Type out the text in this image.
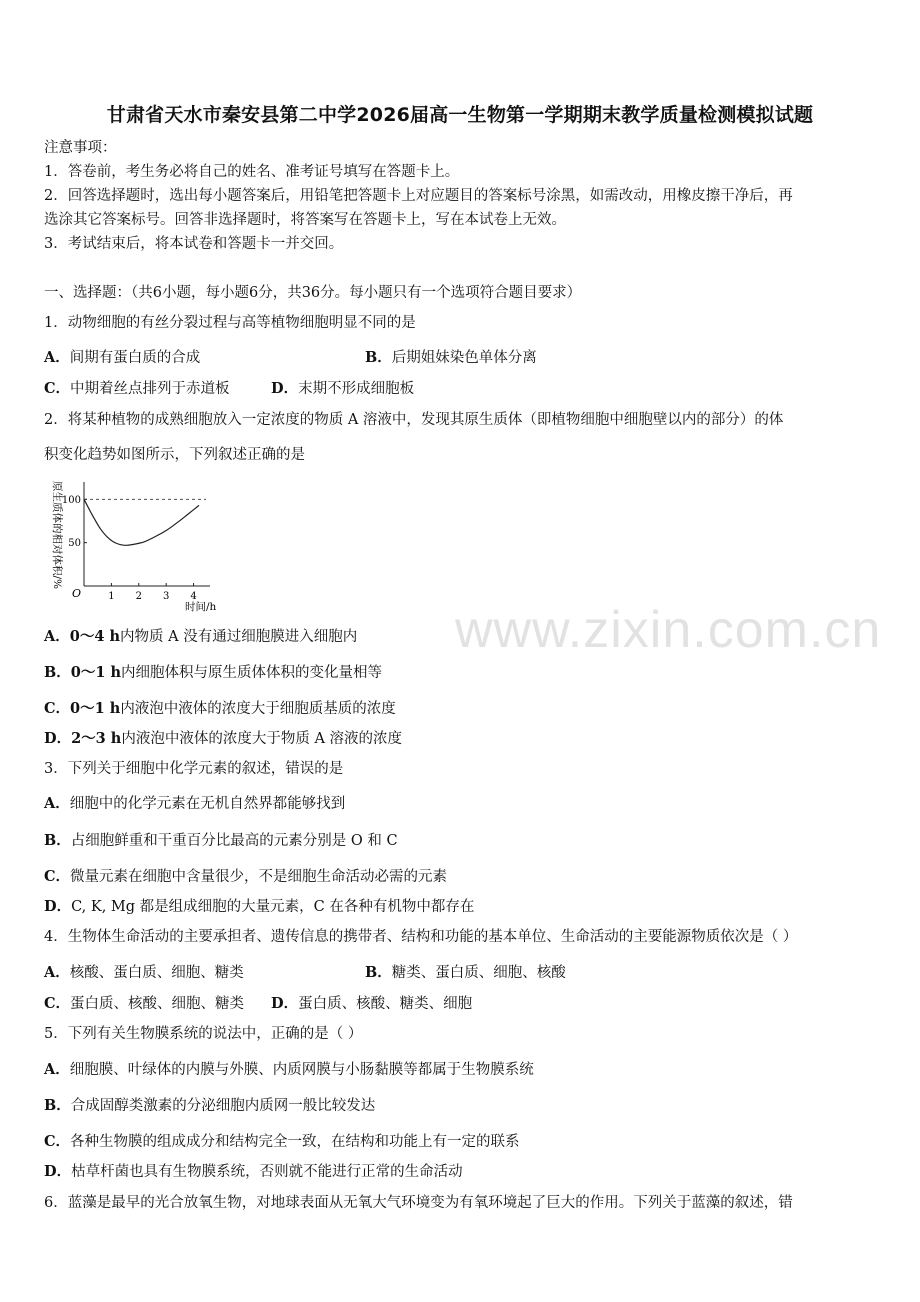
甘肃省天水市秦安县第二中学2026届高一生物第一学期期末教学质量检测模拟试题
注意事项：
1．答卷前，考生务必将自己的姓名、准考证号填写在答题卡上。
2．回答选择题时，选出每小题答案后，用铅笔把答题卡上对应题目的答案标号涂黑，如需改动，用橡皮擦干净后，再
选涂其它答案标号。回答非选择题时，将答案写在答题卡上，写在本试卷上无效。
3．考试结束后，将本试卷和答题卡一并交回。
一、选择题：（共6小题，每小题6分，共36分。每小题只有一个选项符合题目要求）
1．动物细胞的有丝分裂过程与高等植物细胞明显不同的是
A．间期有蛋白质的合成	B．后期姐妹染色单体分离
C．中期着丝点排列于赤道板	D．末期不形成细胞板
2．将某种植物的成熟细胞放入一定浓度的物质 A 溶液中，发现其原生质体（即植物细胞中细胞壁以内的部分）的体
积变化趋势如图所示，下列叙述正确的是
原生质体的相对体积/% 50
100
1 2 3 4
O
时间/h
A．0～4 h内物质 A 没有通过细胞膜进入细胞内
B．0～1 h内细胞体积与原生质体体积的变化量相等
C．0～1 h内液泡中液体的浓度大于细胞质基质的浓度
D．2～3 h内液泡中液体的浓度大于物质 A 溶液的浓度
3．下列关于细胞中化学元素的叙述，错误的是
A．细胞中的化学元素在无机自然界都能够找到
B．占细胞鲜重和干重百分比最高的元素分别是 O 和 C
C．微量元素在细胞中含量很少，不是细胞生命活动必需的元素
D．C, K, Mg 都是组成细胞的大量元素，C 在各种有机物中都存在
4．生物体生命活动的主要承担者、遗传信息的携带者、结构和功能的基本单位、生命活动的主要能源物质依次是（ ）
A．核酸、蛋白质、细胞、糖类	B．糖类、蛋白质、细胞、核酸
C．蛋白质、核酸、细胞、糖类 D．蛋白质、核酸、糖类、细胞
5．下列有关生物膜系统的说法中，正确的是（ ）
A．细胞膜、叶绿体的内膜与外膜、内质网膜与小肠黏膜等都属于生物膜系统
B．合成固醇类激素的分泌细胞内质网一般比较发达
C．各种生物膜的组成成分和结构完全一致，在结构和功能上有一定的联系
D．枯草杆菌也具有生物膜系统，否则就不能进行正常的生命活动
6．蓝藻是最早的光合放氧生物，对地球表面从无氧大气环境变为有氧环境起了巨大的作用。下列关于蓝藻的叙述，错
www.zixin.com.cn
